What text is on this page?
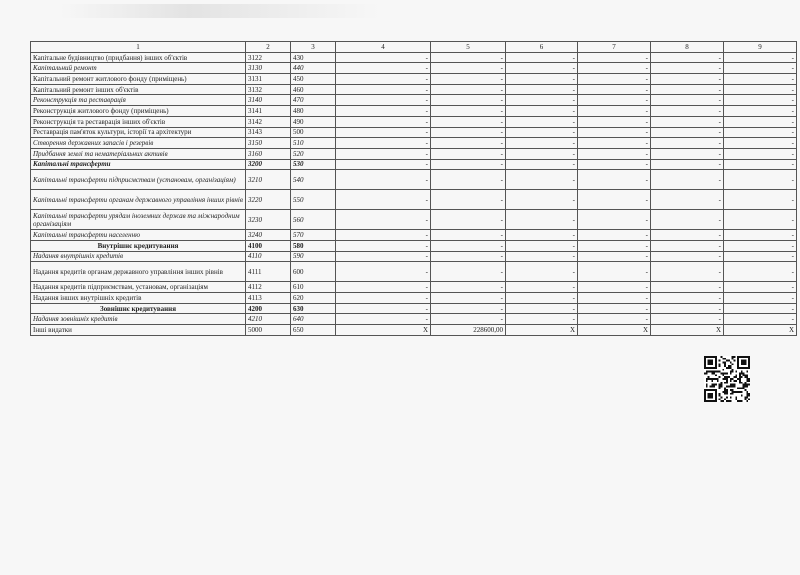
1	2	3	4	5	6	7	8	9
Капітальне будівництво (придбання) інших об'єктів	3122	430	-	-	-	-	-	-
Капітальний ремонт	3130	440	-	-	-	-	-	-
Капітальний ремонт житлового фонду (приміщень)	3131	450	-	-	-	-	-	-
Капітальний ремонт інших об'єктів	3132	460	-	-	-	-	-	-
Реконструкція та реставрація	3140	470	-	-	-	-	-	-
Реконструкція житлового фонду (приміщень)	3141	480	-	-	-	-	-	-
Реконструкція та реставрація інших об'єктів	3142	490	-	-	-	-	-	-
Реставрація пам'яток культури, історії та архітектури	3143	500	-	-	-	-	-	-
Створення державних запасів і резервів	3150	510	-	-	-	-	-	-
Придбання землі та нематеріальних активів	3160	520	-	-	-	-	-	-
Капітальні трансферти	3200	530	-	-	-	-	-	-
Капітальні трансферти підприємствам (установам, організаціям)	3210	540	-	-	-	-	-	-
Капітальні трансферти органам державного управління інших рівнів	3220	550	-	-	-	-	-	-
Капітальні трансферти урядам іноземних держав та міжнародним організаціям	3230	560	-	-	-	-	-	-
Капітальні трансферти населенню	3240	570	-	-	-	-	-	-
Внутрішнє кредитування	4100	580	-	-	-	-	-	-
Надання внутрішніх кредитів	4110	590	-	-	-	-	-	-
Надання кредитів органам державного управління інших рівнів	4111	600	-	-	-	-	-	-
Надання кредитів підприємствам, установам, організаціям	4112	610	-	-	-	-	-	-
Надання інших внутрішніх кредитів	4113	620	-	-	-	-	-	-
Зовнішнє кредитування	4200	630	-	-	-	-	-	-
Надання зовнішніх кредитів	4210	640	-	-	-	-	-	-
Інші видатки	5000	650	X	228600,00	X	X	X	X
